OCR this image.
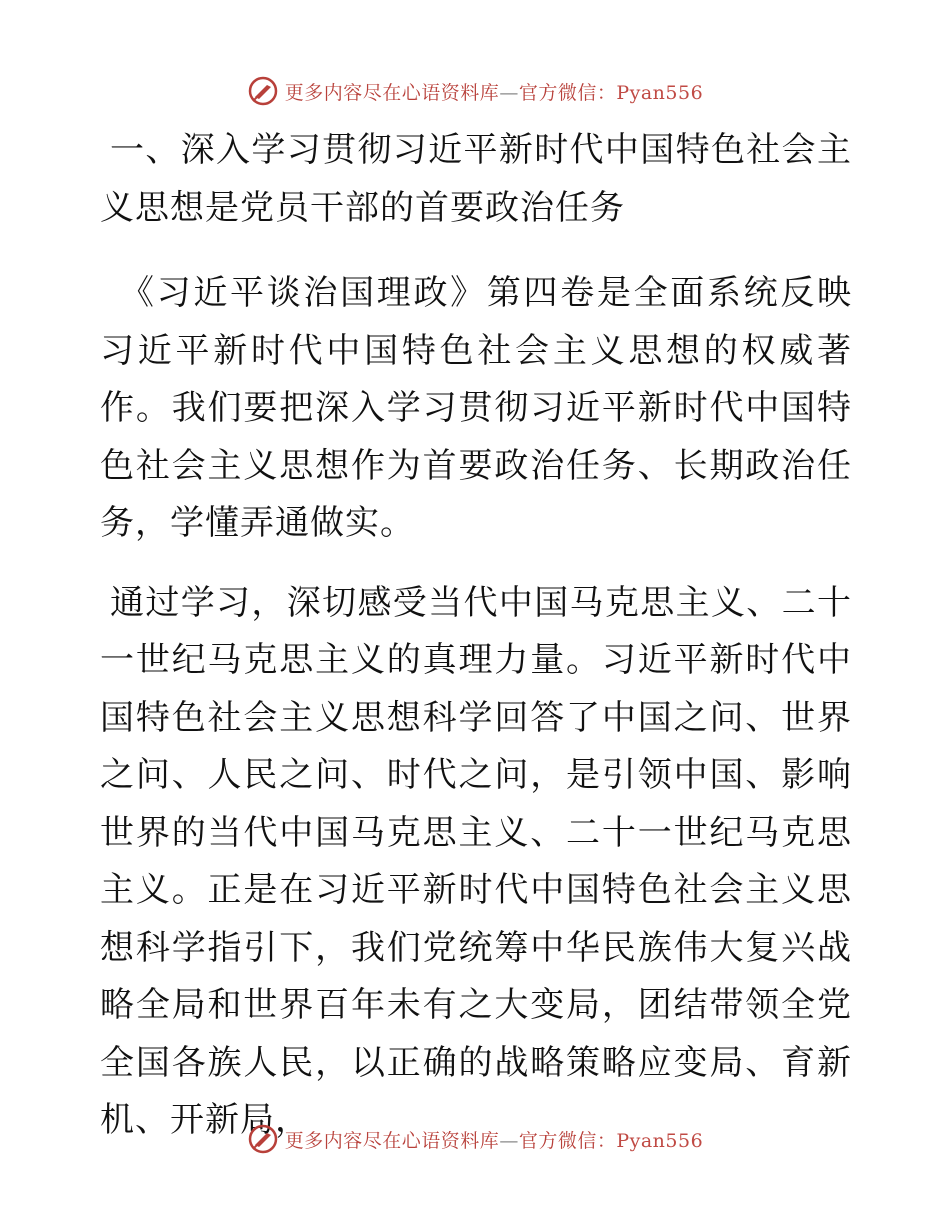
更多内容尽在心语资料库—官方微信：Pyan556

一、深入学习贯彻习近平新时代中国特色社会主义思想是党员干部的首要政治任务

《习近平谈治国理政》第四卷是全面系统反映习近平新时代中国特色社会主义思想的权威著作。我们要把深入学习贯彻习近平新时代中国特色社会主义思想作为首要政治任务、长期政治任务，学懂弄通做实。

通过学习，深切感受当代中国马克思主义、二十一世纪马克思主义的真理力量。习近平新时代中国特色社会主义思想科学回答了中国之问、世界之问、人民之问、时代之问，是引领中国、影响世界的当代中国马克思主义、二十一世纪马克思主义。正是在习近平新时代中国特色社会主义思想科学指引下，我们党统筹中华民族伟大复兴战略全局和世界百年未有之大变局，团结带领全党全国各族人民，以正确的战略策略应变局、育新机、开新局，

更多内容尽在心语资料库—官方微信：Pyan556
